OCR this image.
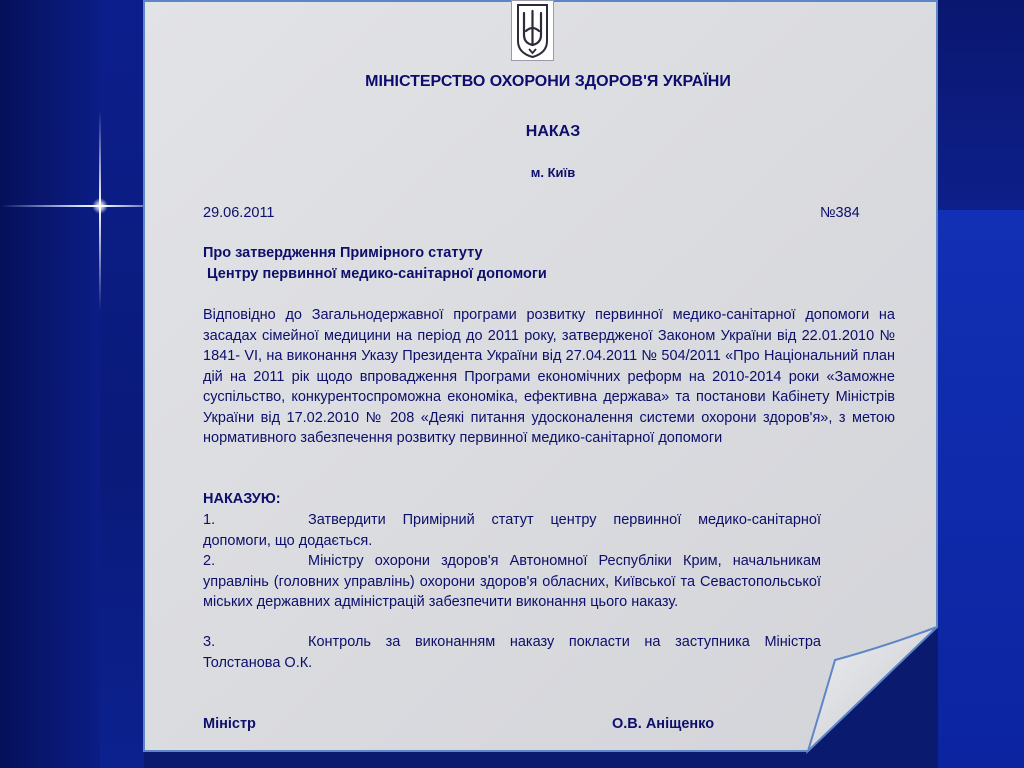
МІНІСТЕРСТВО ОХОРОНИ ЗДОРОВ'Я УКРАЇНИ
НАКАЗ
м. Київ
29.06.2011	№384
Про затвердження Примірного статуту
Центру первинної медико-санітарної допомоги
Відповідно до Загальнодержавної програми розвитку первинної медико-санітарної допомоги на засадах сімейної медицини на період до 2011 року, затвердженої Законом України від 22.01.2010 № 1841- VI, на виконання Указу Президента України від 27.04.2011 № 504/2011 «Про Національний план дій на 2011 рік щодо впровадження Програми економічних реформ на 2010-2014 роки «Заможне суспільство, конкурентоспроможна економіка, ефективна держава» та постанови Кабінету Міністрів України від 17.02.2010 № 208 «Деякі питання удосконалення системи охорони здоров'я», з метою нормативного забезпечення розвитку первинної медико-санітарної допомоги
НАКАЗУЮ:
1.	Затвердити Примірний статут центру первинної медико-санітарної допомоги, що додається.
2.	Міністру охорони здоров'я Автономної Республіки Крим, начальникам управлінь (головних управлінь) охорони здоров'я обласних, Київської та Севастопольської міських державних адміністрацій забезпечити виконання цього наказу.
3.	Контроль за виконанням наказу покласти на заступника Міністра Толстанова О.К.
Міністр	О.В. Аніщенко
